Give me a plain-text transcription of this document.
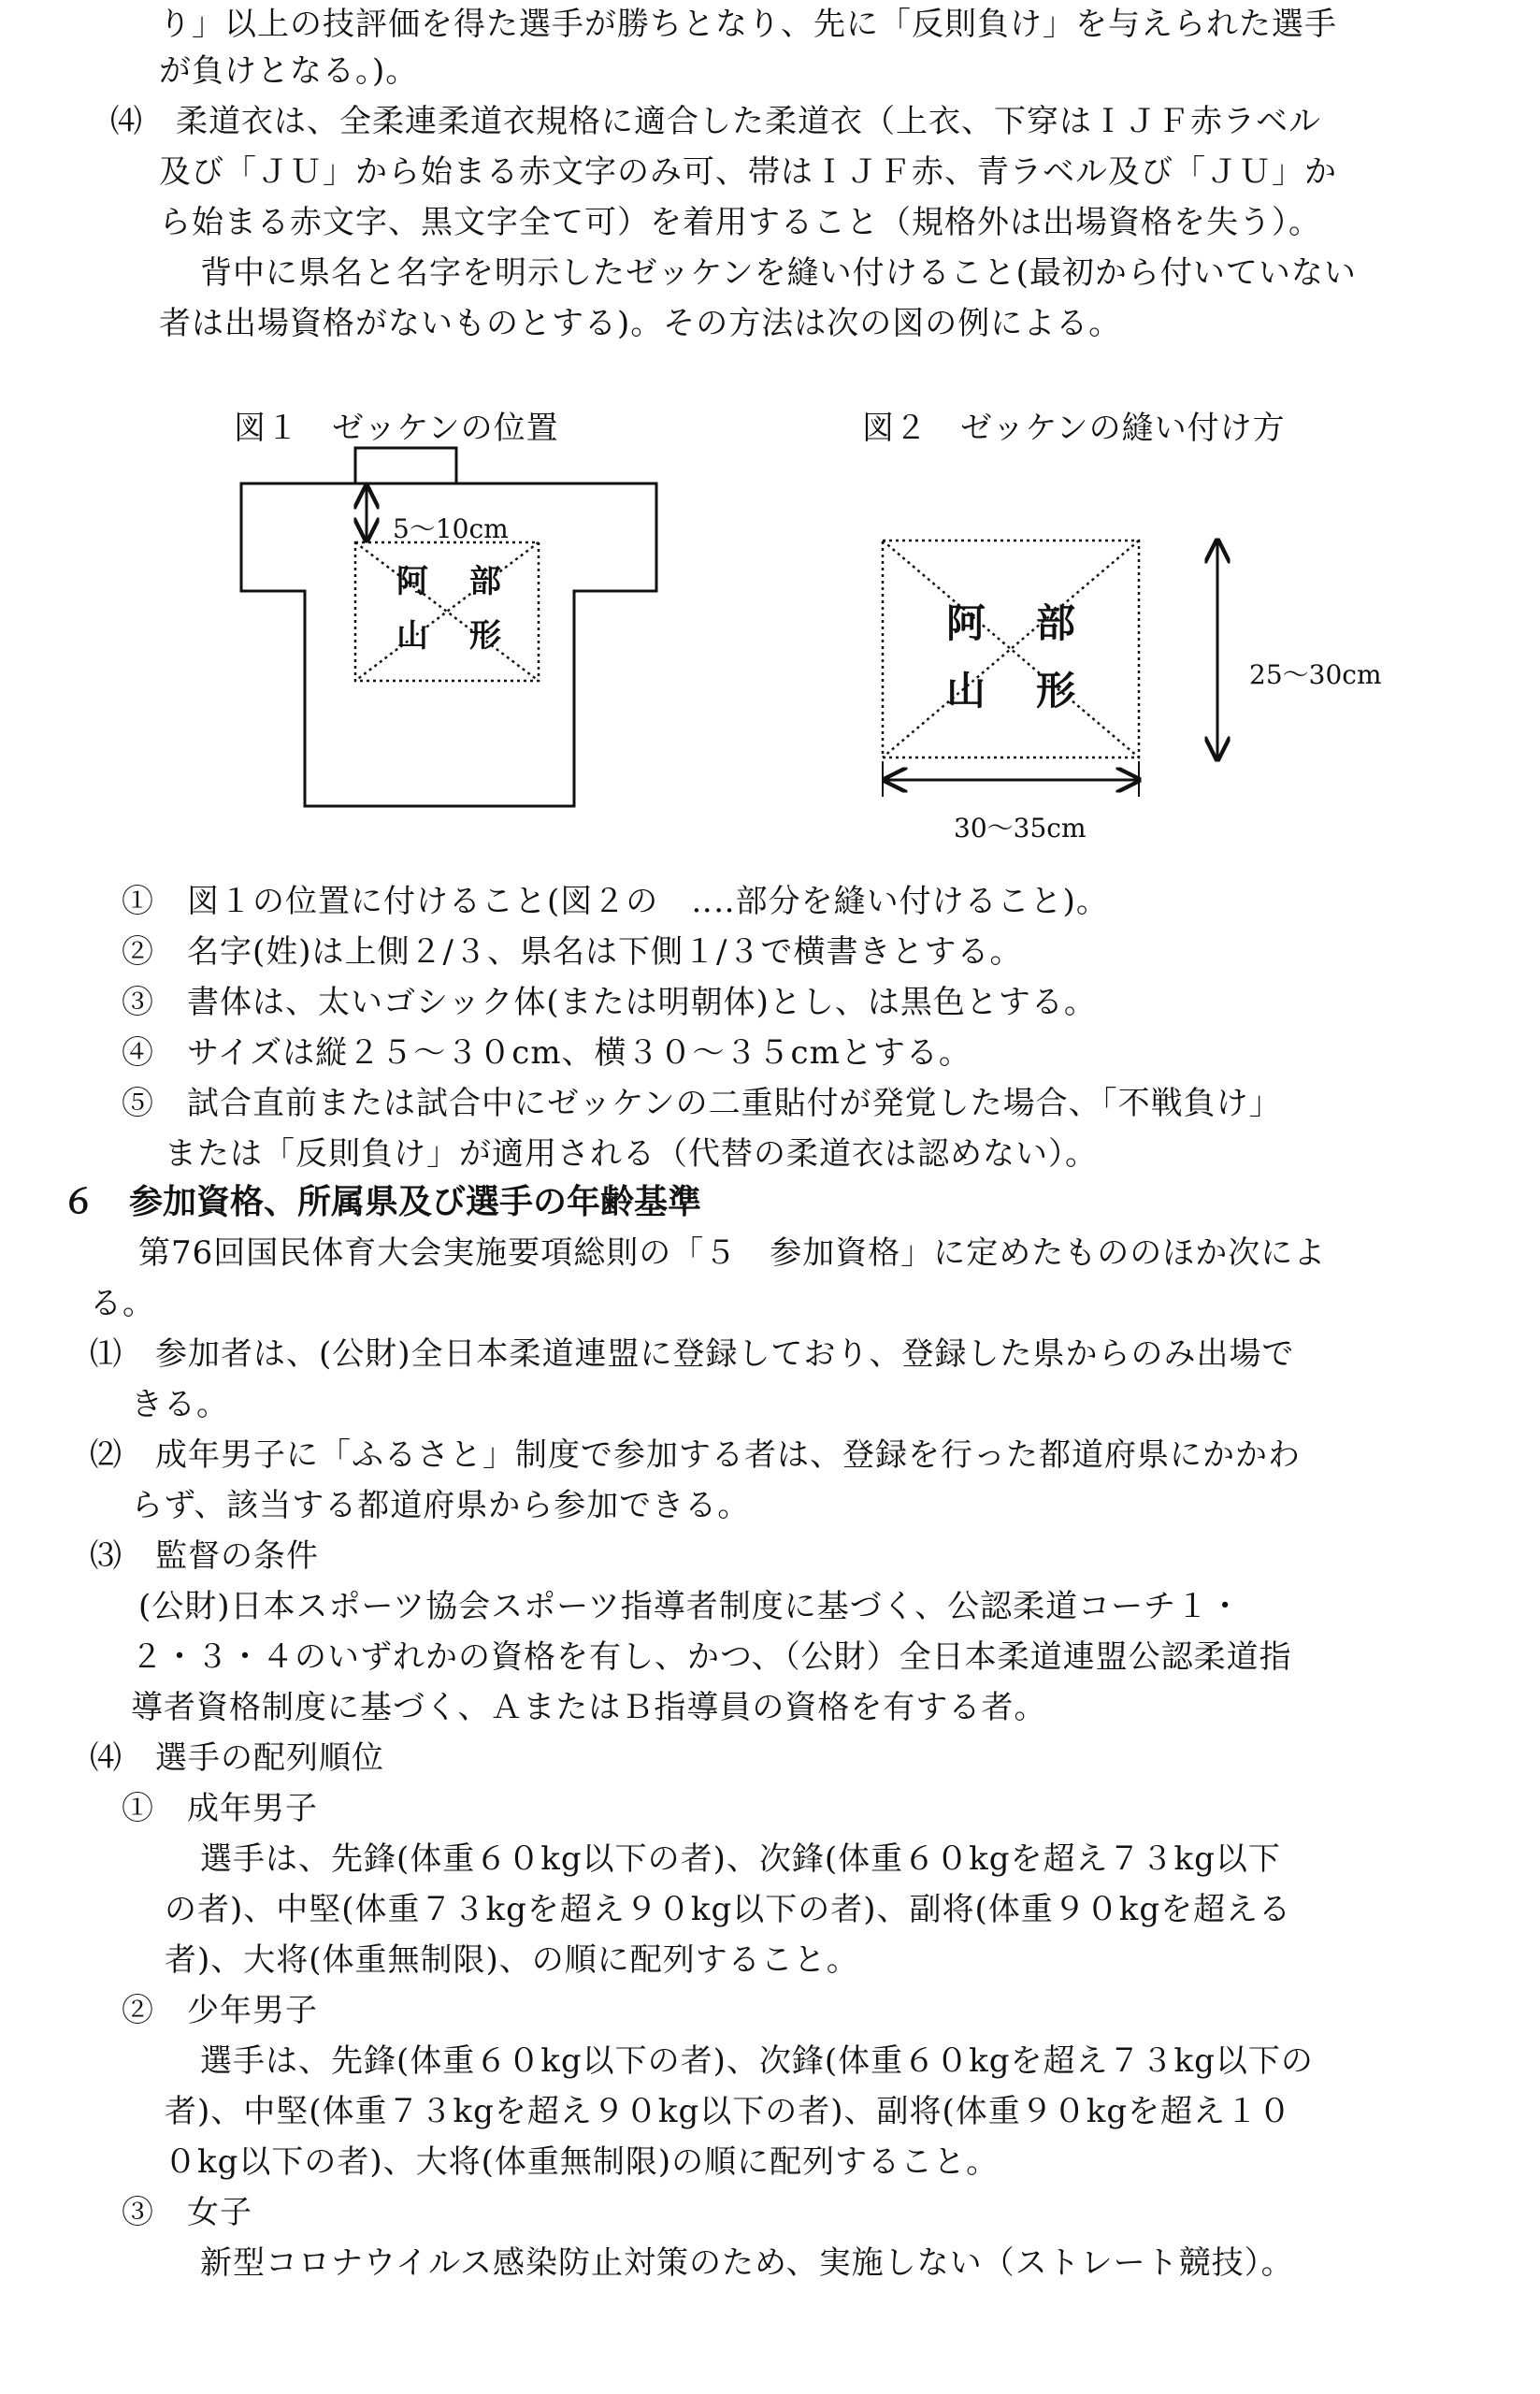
り」以上の技評価を得た選手が勝ちとなり、先に「反則負け」を与えられた選手
が負けとなる。)。
⑷　柔道衣は、全柔連柔道衣規格に適合した柔道衣（上衣、下穿はＩＪＦ赤ラベル
及び「ＪＵ」から始まる赤文字のみ可、帯はＩＪＦ赤、青ラベル及び「ＪＵ」か
ら始まる赤文字、黒文字全て可）を着用すること（規格外は出場資格を失う）。
背中に県名と名字を明示したゼッケンを縫い付けること(最初から付いていない
者は出場資格がないものとする)。その方法は次の図の例による。
図１　ゼッケンの位置	図２　ゼッケンの縫い付け方
5～10cm
阿 部
山 形	阿 部
山 形	25～30cm
30～35cm
①　図１の位置に付けること(図２の　‥‥部分を縫い付けること)。
②　名字(姓)は上側２/３、県名は下側１/３で横書きとする。
③　書体は、太いゴシック体(または明朝体)とし、は黒色とする。
④　サイズは縦２５～３０cm、横３０～３５cmとする。
⑤　試合直前または試合中にゼッケンの二重貼付が発覚した場合、「不戦負け」
または「反則負け」が適用される（代替の柔道衣は認めない）。
６　参加資格、所属県及び選手の年齢基準
第76回国民体育大会実施要項総則の「５　参加資格」に定めたもののほか次によ
る。
⑴　参加者は、(公財)全日本柔道連盟に登録しており、登録した県からのみ出場で
きる。
⑵　成年男子に「ふるさと」制度で参加する者は、登録を行った都道府県にかかわ
らず、該当する都道府県から参加できる。
⑶　監督の条件
(公財)日本スポーツ協会スポーツ指導者制度に基づく、公認柔道コーチ１・
２・３・４のいずれかの資格を有し、かつ、（公財）全日本柔道連盟公認柔道指
導者資格制度に基づく、ＡまたはＢ指導員の資格を有する者。
⑷　選手の配列順位
①　成年男子
選手は、先鋒(体重６０kg以下の者)、次鋒(体重６０kgを超え７３kg以下
の者)、中堅(体重７３kgを超え９０kg以下の者)、副将(体重９０kgを超える
者)、大将(体重無制限)、の順に配列すること。
②　少年男子
選手は、先鋒(体重６０kg以下の者)、次鋒(体重６０kgを超え７３kg以下の
者)、中堅(体重７３kgを超え９０kg以下の者)、副将(体重９０kgを超え１０
０kg以下の者)、大将(体重無制限)の順に配列すること。
③　女子
新型コロナウイルス感染防止対策のため、実施しない（ストレート競技）。
